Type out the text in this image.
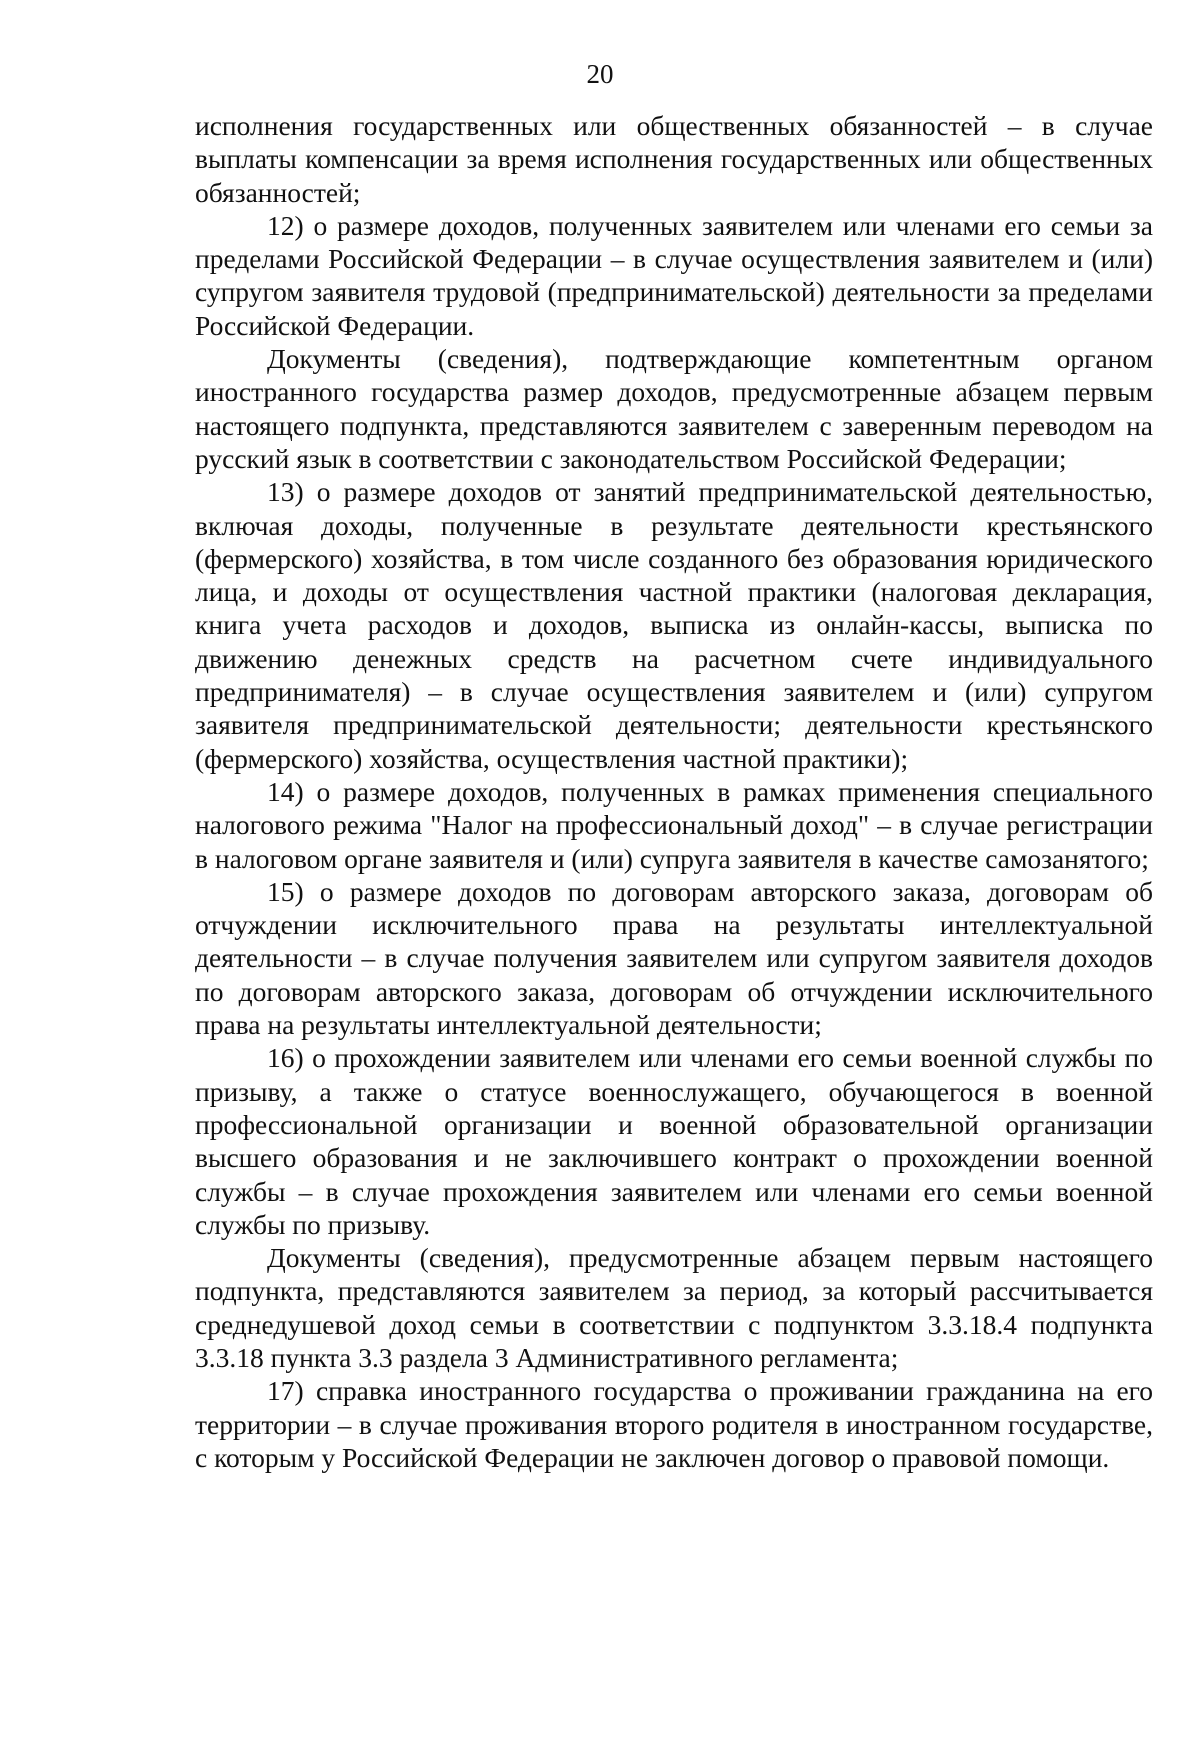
20

исполнения государственных или общественных обязанностей – в случае выплаты компенсации за время исполнения государственных или общественных обязанностей;

12) о размере доходов, полученных заявителем или членами его семьи за пределами Российской Федерации – в случае осуществления заявителем и (или) супругом заявителя трудовой (предпринимательской) деятельности за пределами Российской Федерации.

Документы (сведения), подтверждающие компетентным органом иностранного государства размер доходов, предусмотренные абзацем первым настоящего подпункта, представляются заявителем с заверенным переводом на русский язык в соответствии с законодательством Российской Федерации;

13) о размере доходов от занятий предпринимательской деятельностью, включая доходы, полученные в результате деятельности крестьянского (фермерского) хозяйства, в том числе созданного без образования юридического лица, и доходы от осуществления частной практики (налоговая декларация, книга учета расходов и доходов, выписка из онлайн-кассы, выписка по движению денежных средств на расчетном счете индивидуального предпринимателя) – в случае осуществления заявителем и (или) супругом заявителя предпринимательской деятельности; деятельности крестьянского (фермерского) хозяйства, осуществления частной практики);

14) о размере доходов, полученных в рамках применения специального налогового режима "Налог на профессиональный доход" – в случае регистрации в налоговом органе заявителя и (или) супруга заявителя в качестве самозанятого;

15) о размере доходов по договорам авторского заказа, договорам об отчуждении исключительного права на результаты интеллектуальной деятельности – в случае получения заявителем или супругом заявителя доходов по договорам авторского заказа, договорам об отчуждении исключительного права на результаты интеллектуальной деятельности;

16) о прохождении заявителем или членами его семьи военной службы по призыву, а также о статусе военнослужащего, обучающегося в военной профессиональной организации и военной образовательной организации высшего образования и не заключившего контракт о прохождении военной службы – в случае прохождения заявителем или членами его семьи военной службы по призыву.

Документы (сведения), предусмотренные абзацем первым настоящего подпункта, представляются заявителем за период, за который рассчитывается среднедушевой доход семьи в соответствии с подпунктом 3.3.18.4 подпункта 3.3.18 пункта 3.3 раздела 3 Административного регламента;

17) справка иностранного государства о проживании гражданина на его территории – в случае проживания второго родителя в иностранном государстве, с которым у Российской Федерации не заключен договор о правовой помощи.
